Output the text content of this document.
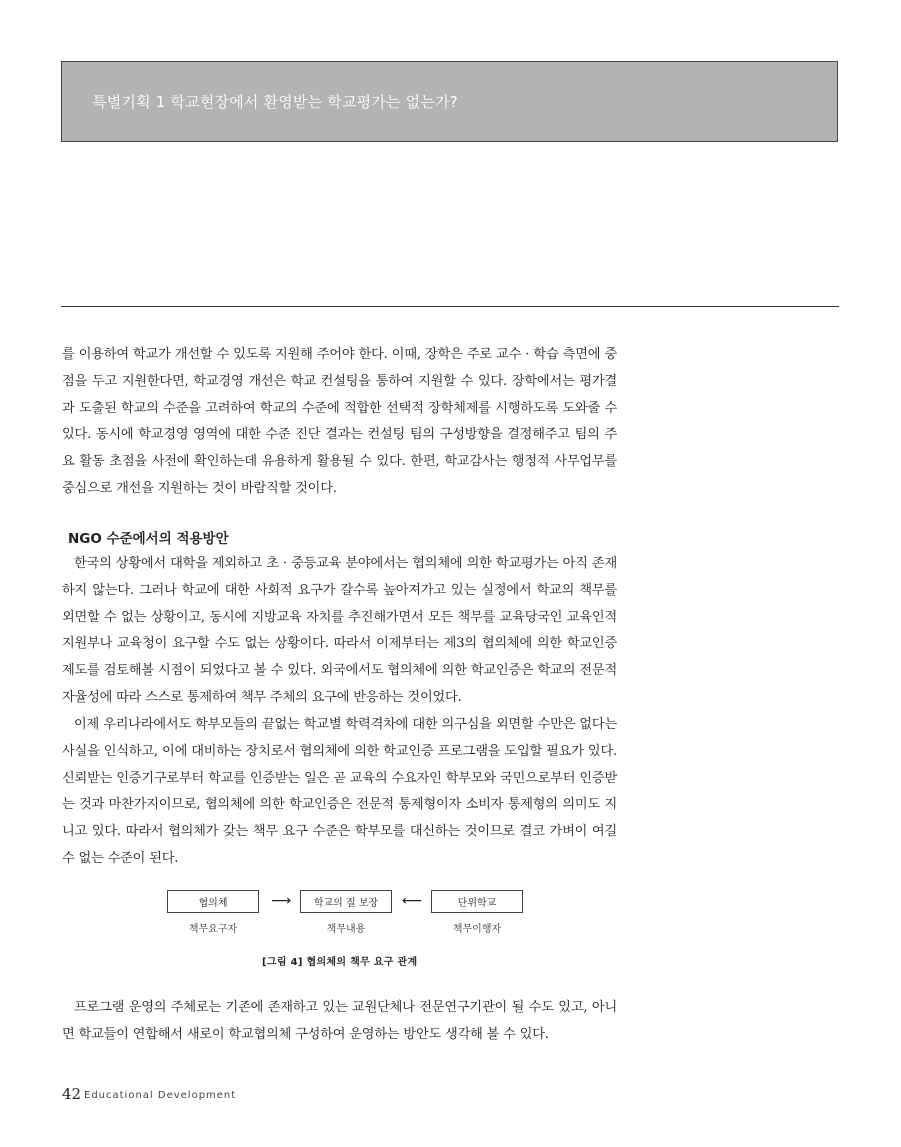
특별기획 1 학교현장에서 환영받는 학교평가는 없는가?

를 이용하여 학교가 개선할 수 있도록 지원해 주어야 한다. 이때, 장학은 주로 교수 · 학습 측면에 중점을 두고 지원한다면, 학교경영 개선은 학교 컨설팅을 통하여 지원할 수 있다. 장학에서는 평가결과 도출된 학교의 수준을 고려하여 학교의 수준에 적합한 선택적 장학체제를 시행하도록 도와줄 수 있다. 동시에 학교경영 영역에 대한 수준 진단 결과는 컨설팅 팀의 구성방향을 결정해주고 팀의 주요 활동 초점을 사전에 확인하는데 유용하게 활용될 수 있다. 한편, 학교감사는 행정적 사무업무를 중심으로 개선을 지원하는 것이 바람직할 것이다.

NGO 수준에서의 적용방안

한국의 상황에서 대학을 제외하고 초 · 중등교육 분야에서는 협의체에 의한 학교평가는 아직 존재하지 않는다. 그러나 학교에 대한 사회적 요구가 갈수록 높아져가고 있는 실정에서 학교의 책무를 외면할 수 없는 상황이고, 동시에 지방교육 자치를 추진해가면서 모든 책무를 교육당국인 교육인적지원부나 교육청이 요구할 수도 없는 상황이다. 따라서 이제부터는 제3의 협의체에 의한 학교인증제도를 검토해볼 시점이 되었다고 볼 수 있다. 외국에서도 협의체에 의한 학교인증은 학교의 전문적 자율성에 따라 스스로 통제하여 책무 주체의 요구에 반응하는 것이었다.

이제 우리나라에서도 학부모들의 끝없는 학교별 학력격차에 대한 의구심을 외면할 수만은 없다는 사실을 인식하고, 이에 대비하는 장치로서 협의체에 의한 학교인증 프로그램을 도입할 필요가 있다. 신뢰받는 인증기구로부터 학교를 인증받는 일은 곧 교육의 수요자인 학부모와 국민으로부터 인증받는 것과 마찬가지이므로, 협의체에 의한 학교인증은 전문적 통제형이자 소비자 통제형의 의미도 지니고 있다. 따라서 협의체가 갖는 책무 요구 수준은 학부모를 대신하는 것이므로 결코 가벼이 여길 수 없는 수준이 된다.

협의체	⟶ 학교의 질 보장 ⟵	단위학교
책무요구자	책무내용	책무이행자
[그림 4] 협의체의 책무 요구 관계

프로그램 운영의 주체로는 기존에 존재하고 있는 교원단체나 전문연구기관이 될 수도 있고, 아니면 학교들이 연합해서 새로이 학교협의체 구성하여 운영하는 방안도 생각해 볼 수 있다.

42 Educational Development
